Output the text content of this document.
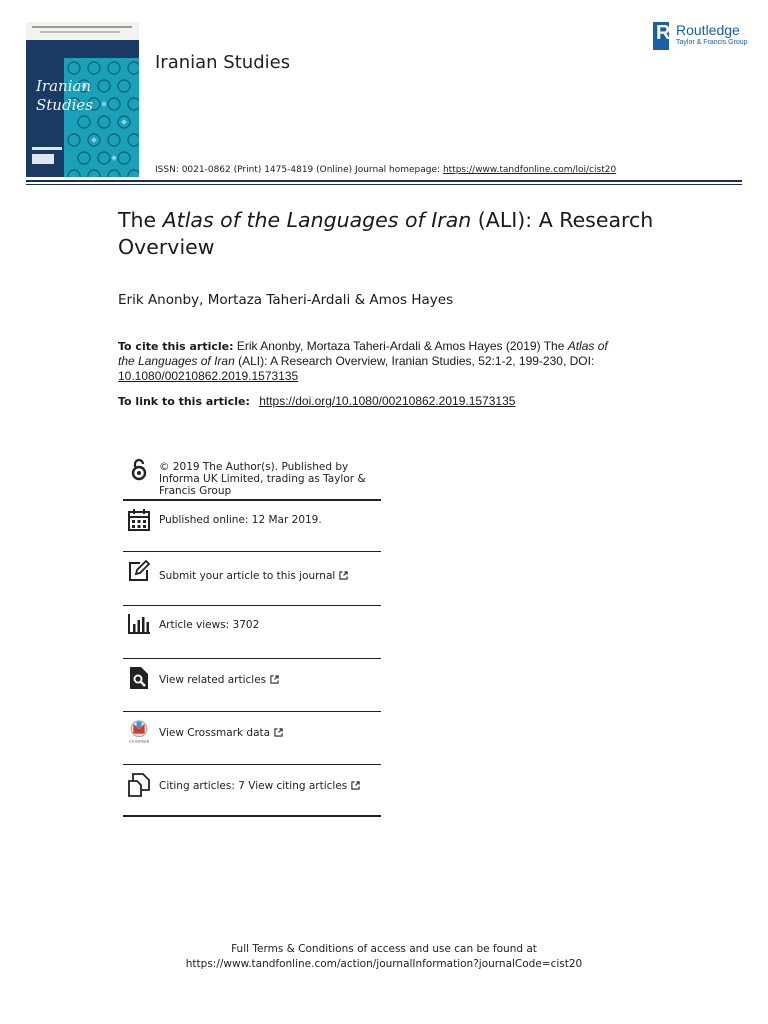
Iranian Studies
Iranian Studies
ISSN: 0021-0862 (Print) 1475-4819 (Online) Journal homepage: https://www.tandfonline.com/loi/cist20
R Routledge
Taylor & Francis Group
The Atlas of the Languages of Iran (ALI): A Research Overview
Erik Anonby, Mortaza Taheri-Ardali & Amos Hayes
To cite this article: Erik Anonby, Mortaza Taheri-Ardali & Amos Hayes (2019) The Atlas of the Languages of Iran (ALI): A Research Overview, Iranian Studies, 52:1-2, 199-230, DOI: 10.1080/00210862.2019.1573135
To link to this article: https://doi.org/10.1080/00210862.2019.1573135
© 2019 The Author(s). Published by Informa UK Limited, trading as Taylor & Francis Group
Published online: 12 Mar 2019.
Submit your article to this journal
Article views: 3702
View related articles
CrossMark
View Crossmark data
Citing articles: 7 View citing articles
Full Terms & Conditions of access and use can be found at
https://www.tandfonline.com/action/journalInformation?journalCode=cist20
